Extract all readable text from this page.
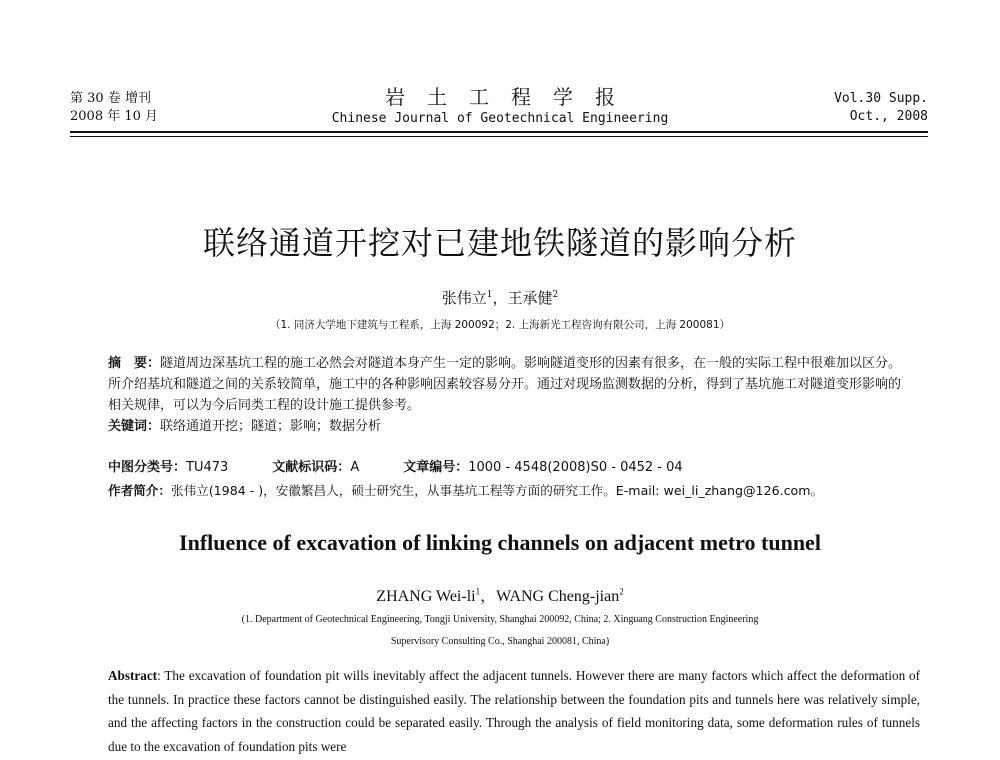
第 30 卷 增刊
2008 年 10 月
岩土工程学报
Chinese Journal of Geotechnical Engineering
Vol.30 Supp.
Oct., 2008
联络通道开挖对已建地铁隧道的影响分析
张伟立$^1$，王承健$^2$
（1. 同济大学地下建筑与工程系，上海 200092；2. 上海新光工程咨询有限公司，上海 200081）
摘　要：隧道周边深基坑工程的施工必然会对隧道本身产生一定的影响。影响隧道变形的因素有很多，在一般的实际工程中很难加以区分。所介绍基坑和隧道之间的关系较简单，施工中的各种影响因素较容易分开。通过对现场监测数据的分析，得到了基坑施工对隧道变形影响的相关规律，可以为今后同类工程的设计施工提供参考。
关键词：联络通道开挖；隧道；影响；数据分析
中图分类号：TU473	文献标识码：A	文章编号：1000 - 4548(2008)S0 - 0452 - 04
作者简介：张伟立(1984 - )，安徽繁昌人，硕士研究生，从事基坑工程等方面的研究工作。E-mail: wei_li_zhang@126.com。
Influence of excavation of linking channels on adjacent metro tunnel
ZHANG Wei-$li^1$，WANG Cheng-jian$^2$
(1. Department of Geotechnical Engineering, Tongji University, Shanghai 200092, China; 2. Xinguang Construction Engineering
Supervisory Consulting Co., Shanghai 200081, China)
Abstract: The excavation of foundation pit wills inevitably affect the adjacent tunnels. However there are many factors which affect the deformation of the tunnels. In practice these factors cannot be distinguished easily. The relationship between the foundation pits and tunnels here was relatively simple, and the affecting factors in the construction could be separated easily. Through the analysis of field monitoring data, some deformation rules of tunnels due to the excavation of foundation pits were
